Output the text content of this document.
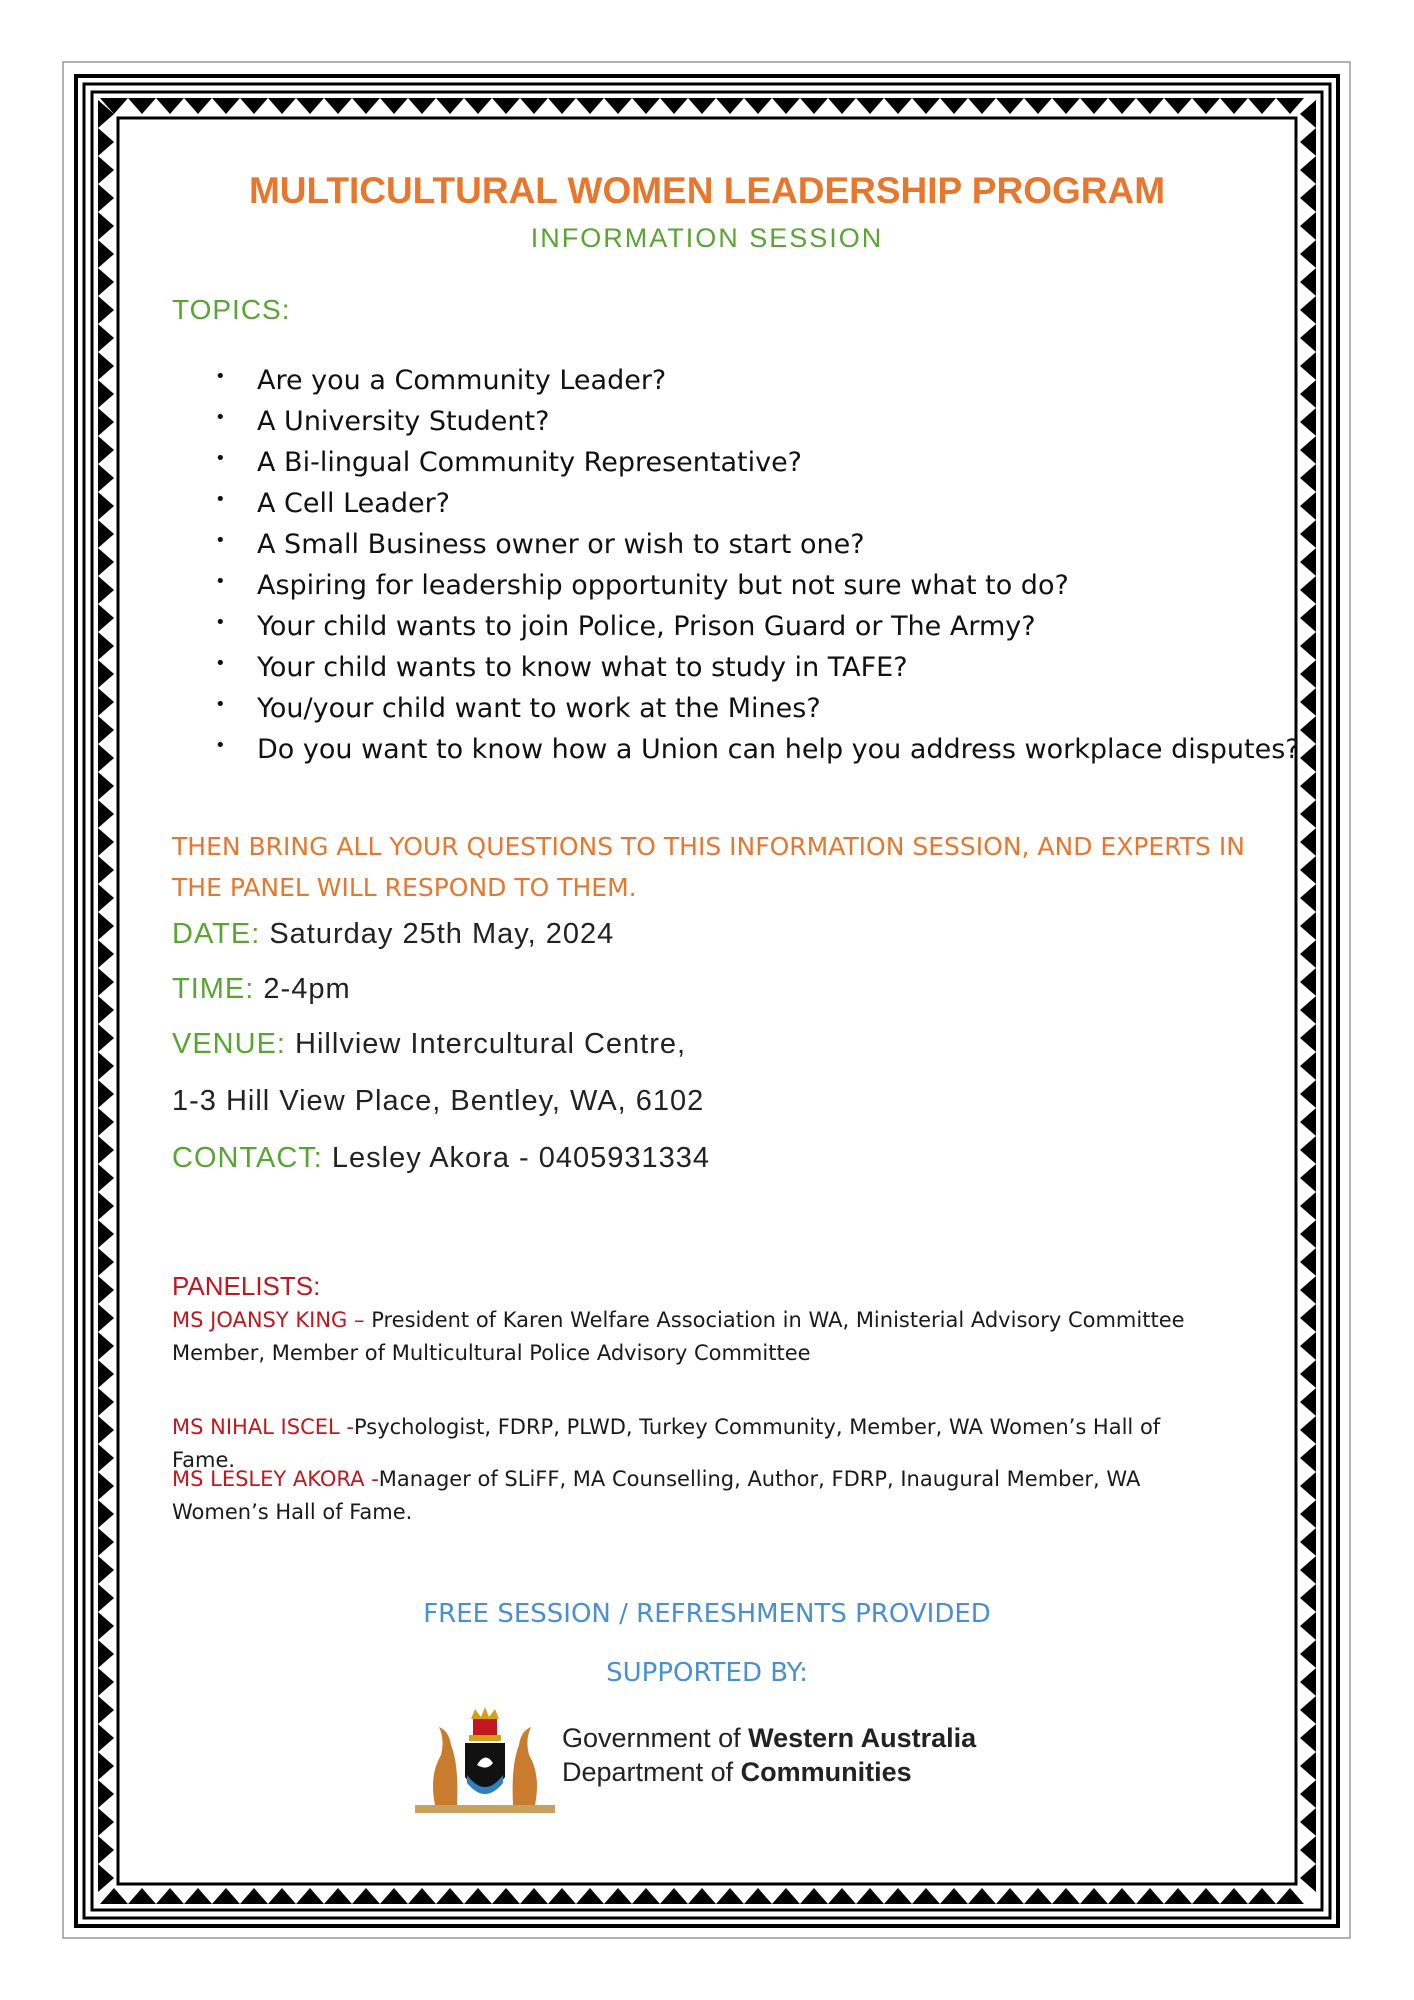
MULTICULTURAL WOMEN LEADERSHIP PROGRAM
INFORMATION SESSION
TOPICS:
• Are you a Community Leader?
• A University Student?
• A Bi-lingual Community Representative?
• A Cell Leader?
• A Small Business owner or wish to start one?
• Aspiring for leadership opportunity but not sure what to do?
• Your child wants to join Police, Prison Guard or The Army?
• Your child wants to know what to study in TAFE?
• You/your child want to work at the Mines?
• Do you want to know how a Union can help you address workplace disputes?

THEN BRING ALL YOUR QUESTIONS TO THIS INFORMATION SESSION, AND EXPERTS IN THE PANEL WILL RESPOND TO THEM.

DATE: Saturday 25th May, 2024
TIME: 2-4pm
VENUE: Hillview Intercultural Centre,
1-3 Hill View Place, Bentley, WA, 6102
CONTACT: Lesley Akora - 0405931334
PANELISTS:

MS JOANSY KING – President of Karen Welfare Association in WA, Ministerial Advisory Committee Member, Member of Multicultural Police Advisory Committee

MS NIHAL ISCEL -Psychologist, FDRP, PLWD, Turkey Community, Member, WA Women’s Hall of Fame.

MS LESLEY AKORA -Manager of SLiFF, MA Counselling, Author, FDRP, Inaugural Member, WA Women’s Hall of Fame.

FREE SESSION / REFRESHMENTS PROVIDED
SUPPORTED BY:
Government of Western Australia
Department of Communities
